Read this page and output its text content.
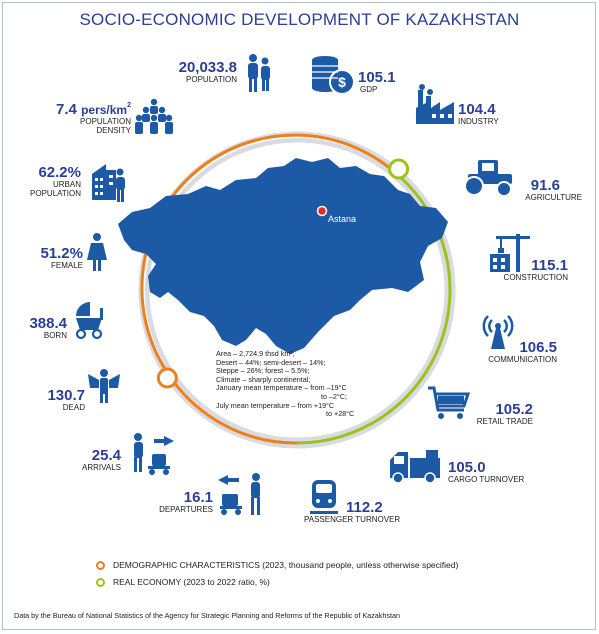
SOCIO-ECONOMIC DEVELOPMENT OF KAZAKHSTAN
Astana
Area – 2,724.9 thsd km²;
Desert – 44%; semi-desert – 14%;
Steppe – 26%; forest – 5.5%;
Climate – sharply continental;
January mean temperature – from –19°C
to –2°C;
July mean temperature – from +19°C
to +28°C
$
20,033.8
POPULATION
7.4 pers/$km^2$
POPULATION
DENSITY
62.2%
URBAN
POPULATION
51.2%
FEMALE
388.4
BORN
130.7
DEAD
25.4
ARRIVALS
16.1
DEPARTURES
105.1
GDP
104.4
INDUSTRY
91.6
AGRICULTURE
115.1
CONSTRUCTION
106.5
COMMUNICATION
105.2
RETAIL TRADE
105.0
CARGO TURNOVER
112.2
PASSENGER TURNOVER
DEMOGRAPHIC CHARACTERISTICS (2023, thousand people, unless otherwise specified)
REAL ECONOMY (2023 to 2022 ratio, %)
Data by the Bureau of National Statistics of the Agency for Strategic Planning and Reforms of the Republic of Kazakhstan
